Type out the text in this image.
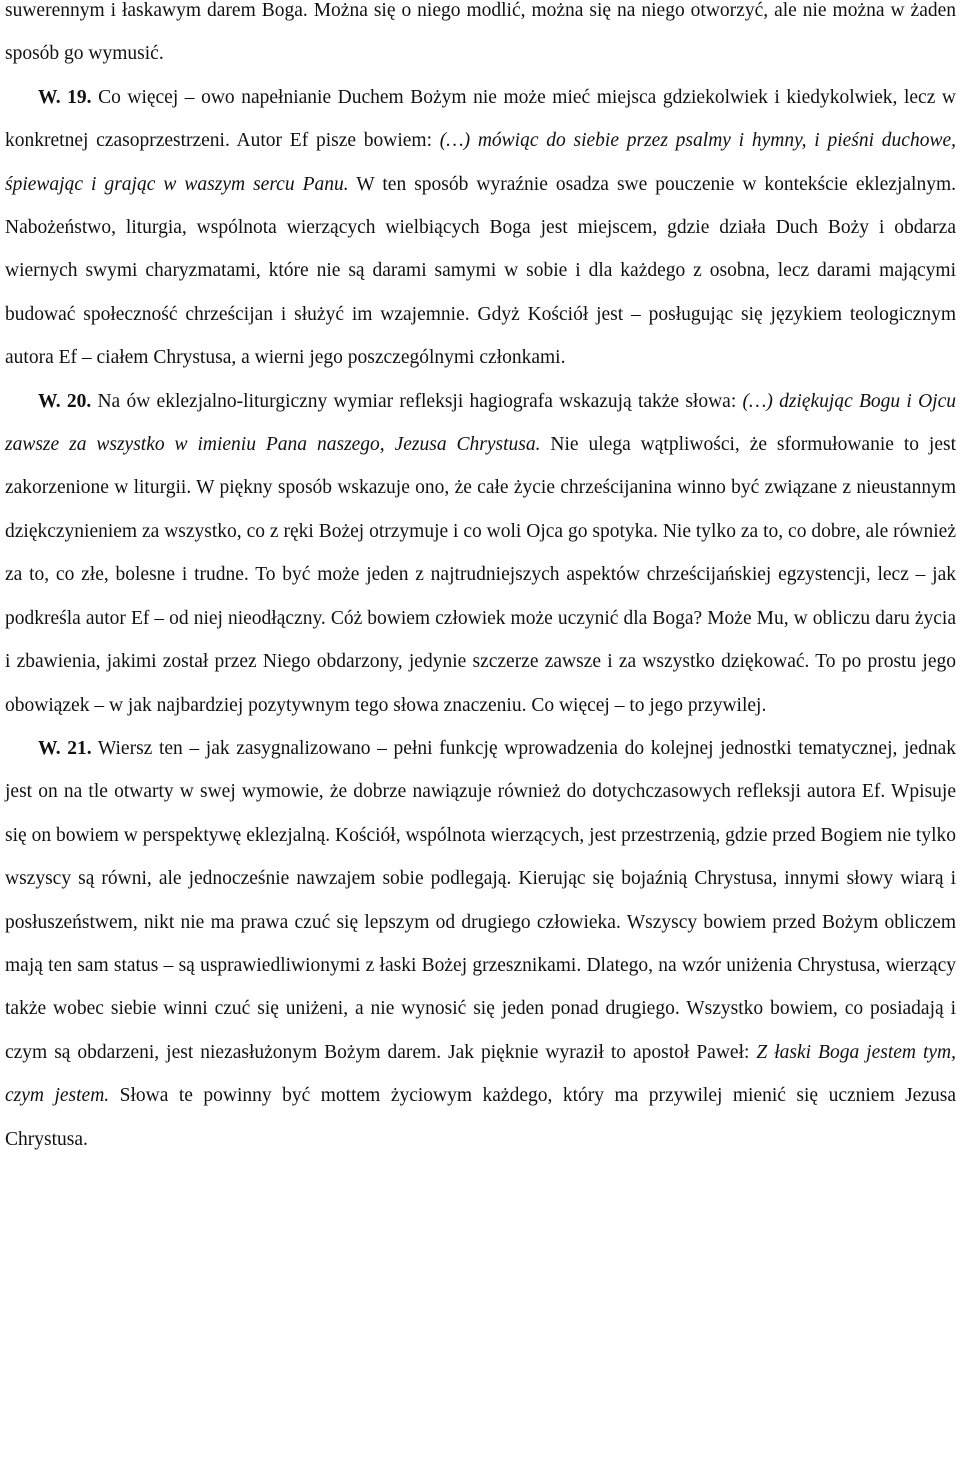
suwerennym i łaskawym darem Boga. Można się o niego modlić, można się na niego otworzyć, ale nie można w żaden sposób go wymusić.

W. 19. Co więcej – owo napełnianie Duchem Bożym nie może mieć miejsca gdziekolwiek i kiedykolwiek, lecz w konkretnej czasoprzestrzeni. Autor Ef pisze bowiem: (…) mówiąc do siebie przez psalmy i hymny, i pieśni duchowe, śpiewając i grając w waszym sercu Panu. W ten sposób wyraźnie osadza swe pouczenie w kontekście eklezjalnym. Nabożeństwo, liturgia, wspólnota wierzących wielbiących Boga jest miejscem, gdzie działa Duch Boży i obdarza wiernych swymi charyzmatami, które nie są darami samymi w sobie i dla każdego z osobna, lecz darami mającymi budować społeczność chrześcijan i służyć im wzajemnie. Gdyż Kościół jest – posługując się językiem teologicznym autora Ef – ciałem Chrystusa, a wierni jego poszczególnymi członkami.

W. 20. Na ów eklezjalno-liturgiczny wymiar refleksji hagiografa wskazują także słowa: (…) dziękując Bogu i Ojcu zawsze za wszystko w imieniu Pana naszego, Jezusa Chrystusa. Nie ulega wątpliwości, że sformułowanie to jest zakorzenione w liturgii. W piękny sposób wskazuje ono, że całe życie chrześcijanina winno być związane z nieustannym dziękczynieniem za wszystko, co z ręki Bożej otrzymuje i co woli Ojca go spotyka. Nie tylko za to, co dobre, ale również za to, co złe, bolesne i trudne. To być może jeden z najtrudniejszych aspektów chrześcijańskiej egzystencji, lecz – jak podkreśla autor Ef – od niej nieodłączny. Cóż bowiem człowiek może uczynić dla Boga? Może Mu, w obliczu daru życia i zbawienia, jakimi został przez Niego obdarzony, jedynie szczerze zawsze i za wszystko dziękować. To po prostu jego obowiązek – w jak najbardziej pozytywnym tego słowa znaczeniu. Co więcej – to jego przywilej.

W. 21. Wiersz ten – jak zasygnalizowano – pełni funkcję wprowadzenia do kolejnej jednostki tematycznej, jednak jest on na tle otwarty w swej wymowie, że dobrze nawiązuje również do dotychczasowych refleksji autora Ef. Wpisuje się on bowiem w perspektywę eklezjalną. Kościół, wspólnota wierzących, jest przestrzenią, gdzie przed Bogiem nie tylko wszyscy są równi, ale jednocześnie nawzajem sobie podlegają. Kierując się bojaźnią Chrystusa, innymi słowy wiarą i posłuszeństwem, nikt nie ma prawa czuć się lepszym od drugiego człowieka. Wszyscy bowiem przed Bożym obliczem mają ten sam status – są usprawiedliwionymi z łaski Bożej grzesznikami. Dlatego, na wzór uniżenia Chrystusa, wierzący także wobec siebie winni czuć się uniżeni, a nie wynosić się jeden ponad drugiego. Wszystko bowiem, co posiadają i czym są obdarzeni, jest niezasłużonym Bożym darem. Jak pięknie wyraził to apostoł Paweł: Z łaski Boga jestem tym, czym jestem. Słowa te powinny być mottem życiowym każdego, który ma przywilej mienić się uczniem Jezusa Chrystusa.
